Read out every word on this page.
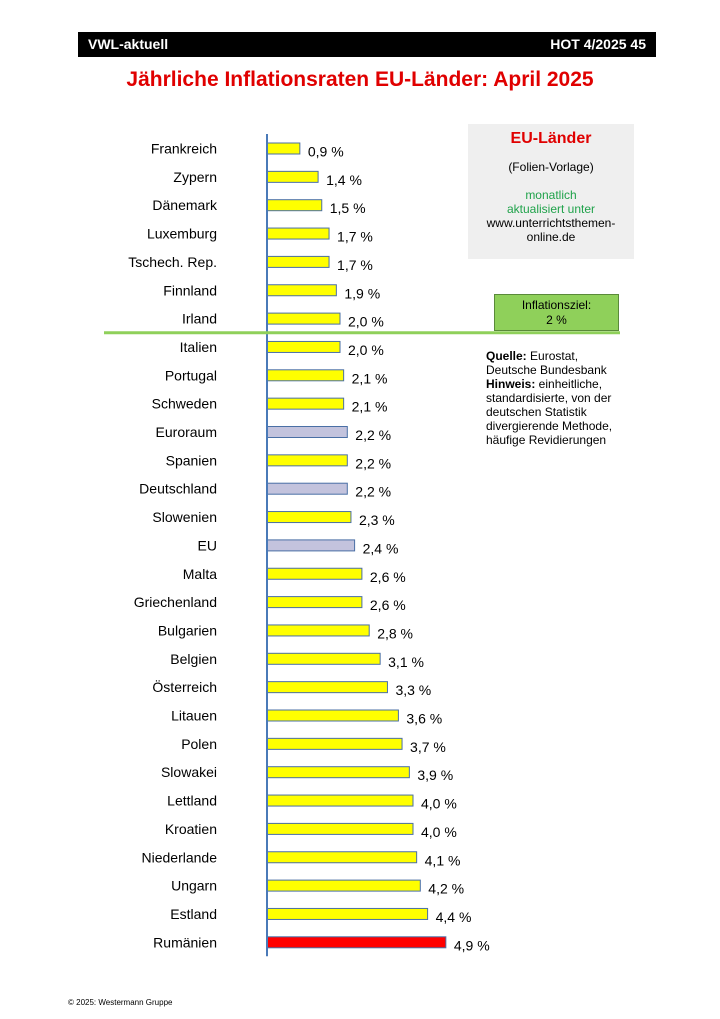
VWL-aktuell	HOT 4/2025 45
Jährliche Inflationsraten EU-Länder: April 2025
Frankreich	0,9 %
Zypern	1,4 %
Dänemark	1,5 %
Luxemburg	1,7 %
Tschech. Rep.	1,7 %
Finnland	1,9 %
Irland	2,0 %
Italien	2,0 %
Portugal	2,1 %
Schweden	2,1 %
Euroraum	2,2 %
Spanien	2,2 %
Deutschland	2,2 %
Slowenien	2,3 %
EU	2,4 %
Malta	2,6 %
Griechenland	2,6 %
Bulgarien	2,8 %
Belgien	3,1 %
Österreich	3,3 %
Litauen	3,6 %
Polen	3,7 %
Slowakei	3,9 %
Lettland	4,0 %
Kroatien	4,0 %
Niederlande	4,1 %
Ungarn	4,2 %
Estland	4,4 %
Rumänien	4,9 %
EU-Länder
(Folien-Vorlage)
monatlich
aktualisiert unter
www.unterrichtsthemen-
online.de
Inflationsziel:
2 %
Quelle: Eurostat,
Deutsche Bundesbank
Hinweis: einheitliche,
standardisierte, von der
deutschen Statistik
divergierende Methode,
häufige Revidierungen
© 2025: Westermann Gruppe
